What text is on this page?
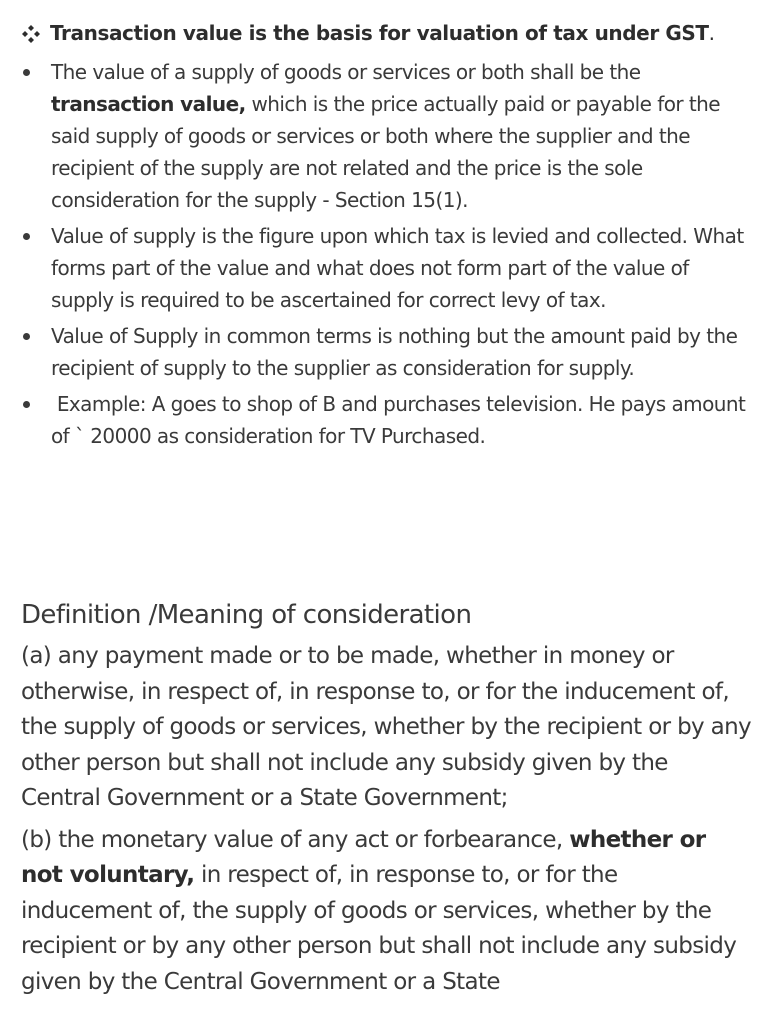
Transaction value is the basis for valuation of tax under GST.
The value of a supply of goods or services or both shall be the transaction value, which is the price actually paid or payable for the said supply of goods or services or both where the supplier and the recipient of the supply are not related and the price is the sole consideration for the supply - Section 15(1).
Value of supply is the figure upon which tax is levied and collected. What forms part of the value and what does not form part of the value of supply is required to be ascertained for correct levy of tax.
Value of Supply in common terms is nothing but the amount paid by the recipient of supply to the supplier as consideration for supply.
Example: A goes to shop of B and purchases television. He pays amount of ` 20000 as consideration for TV Purchased.
Definition /Meaning of consideration

(a) any payment made or to be made, whether in money or otherwise, in respect of, in response to, or for the inducement of, the supply of goods or services, whether by the recipient or by any other person but shall not include any subsidy given by the Central Government or a State Government;

(b) the monetary value of any act or forbearance, whether or not voluntary, in respect of, in response to, or for the inducement of, the supply of goods or services, whether by the recipient or by any other person but shall not include any subsidy given by the Central Government or a State
